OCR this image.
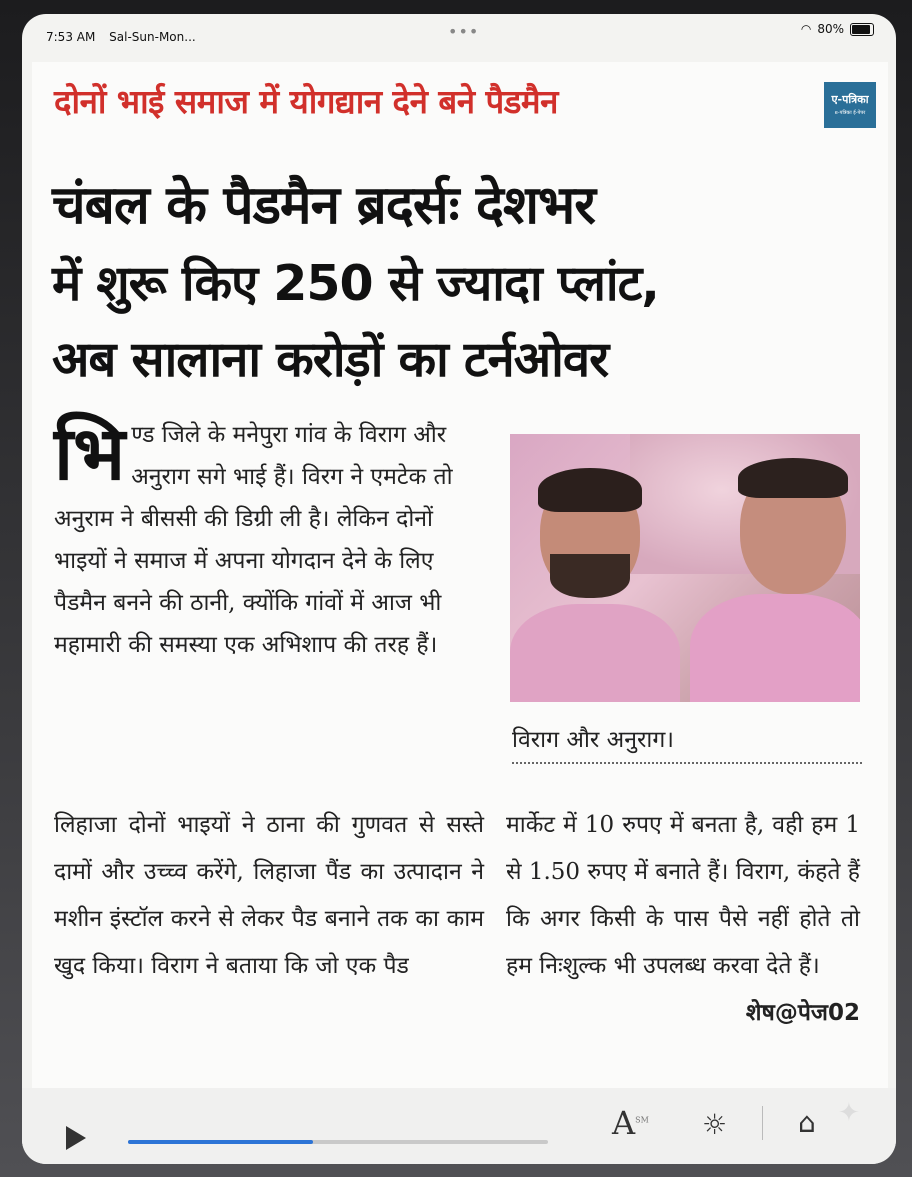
7:53 AM Sal-Sun-Mon...	•••	◠ 80%
दोनों भाई समाज में योगद्यान देने बने पैडमैन	ए-पत्रिका
e-पत्रिका ई-पेपर
चंबल के पैडमैन ब्रदर्सः देशभर
में शुरू किए 250 से ज्यादा प्लांट,
अब सालाना करोड़ों का टर्नओवर
भि ण्ड जिले के मनेपुरा गांव के विराग और अनुराग सगे भाई हैं। विरग ने एमटेक तो अनुराम ने बीससी की डिग्री ली है। लेकिन दोनों भाइयों ने समाज में अपना योगदान देने के लिए पैडमैन बनने की ठानी, क्योंकि गांवों में आज भी महामारी की समस्या एक अभिशाप की तरह हैं।
विराग और अनुराग।
लिहाजा दोनों भाइयों ने ठाना की गुणवत से सस्ते दामों और उच्च्व करेंगे, लिहाजा पैंड का उत्पादान ने मशीन इंस्टॉल करने से लेकर पैड बनाने तक का काम खुद किया। विराग ने बताया कि जो एक पैड
मार्केट में 10 रुपए में बनता है, वही हम 1 से 1.50 रुपए में बनाते हैं। विराग, कंहते हैं कि अगर किसी के पास पैसे नहीं होते तो हम निःशुल्क भी उपलब्ध करवा देते हैं।
शेष@पेज02
A℠ ☼	⌂ ✦
